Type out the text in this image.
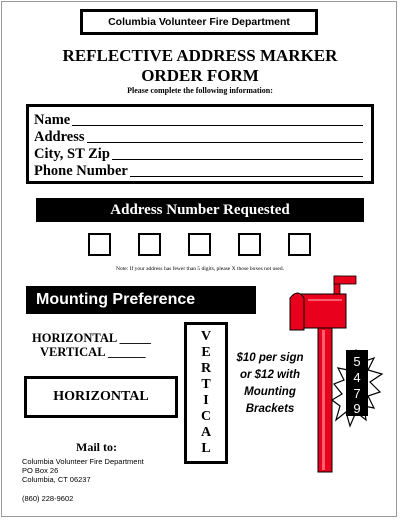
Columbia Volunteer Fire Department
REFLECTIVE ADDRESS MARKER
ORDER FORM
Please complete the following information:
Name
Address
City, ST Zip
Phone Number
Address Number Requested
Note: If your address has fewer than 5 digits, please X those boxes not used.
Mounting Preference
HORIZONTAL _____
VERTICAL ______
HORIZONTAL
V
E
R
T
I
C
A
L
$10 per sign
or $12 with
Mounting
Brackets
5
4
7
9
Mail to:
Columbia Volunteer Fire Department
PO Box 26
Columbia, CT 06237
(860) 228-9602
